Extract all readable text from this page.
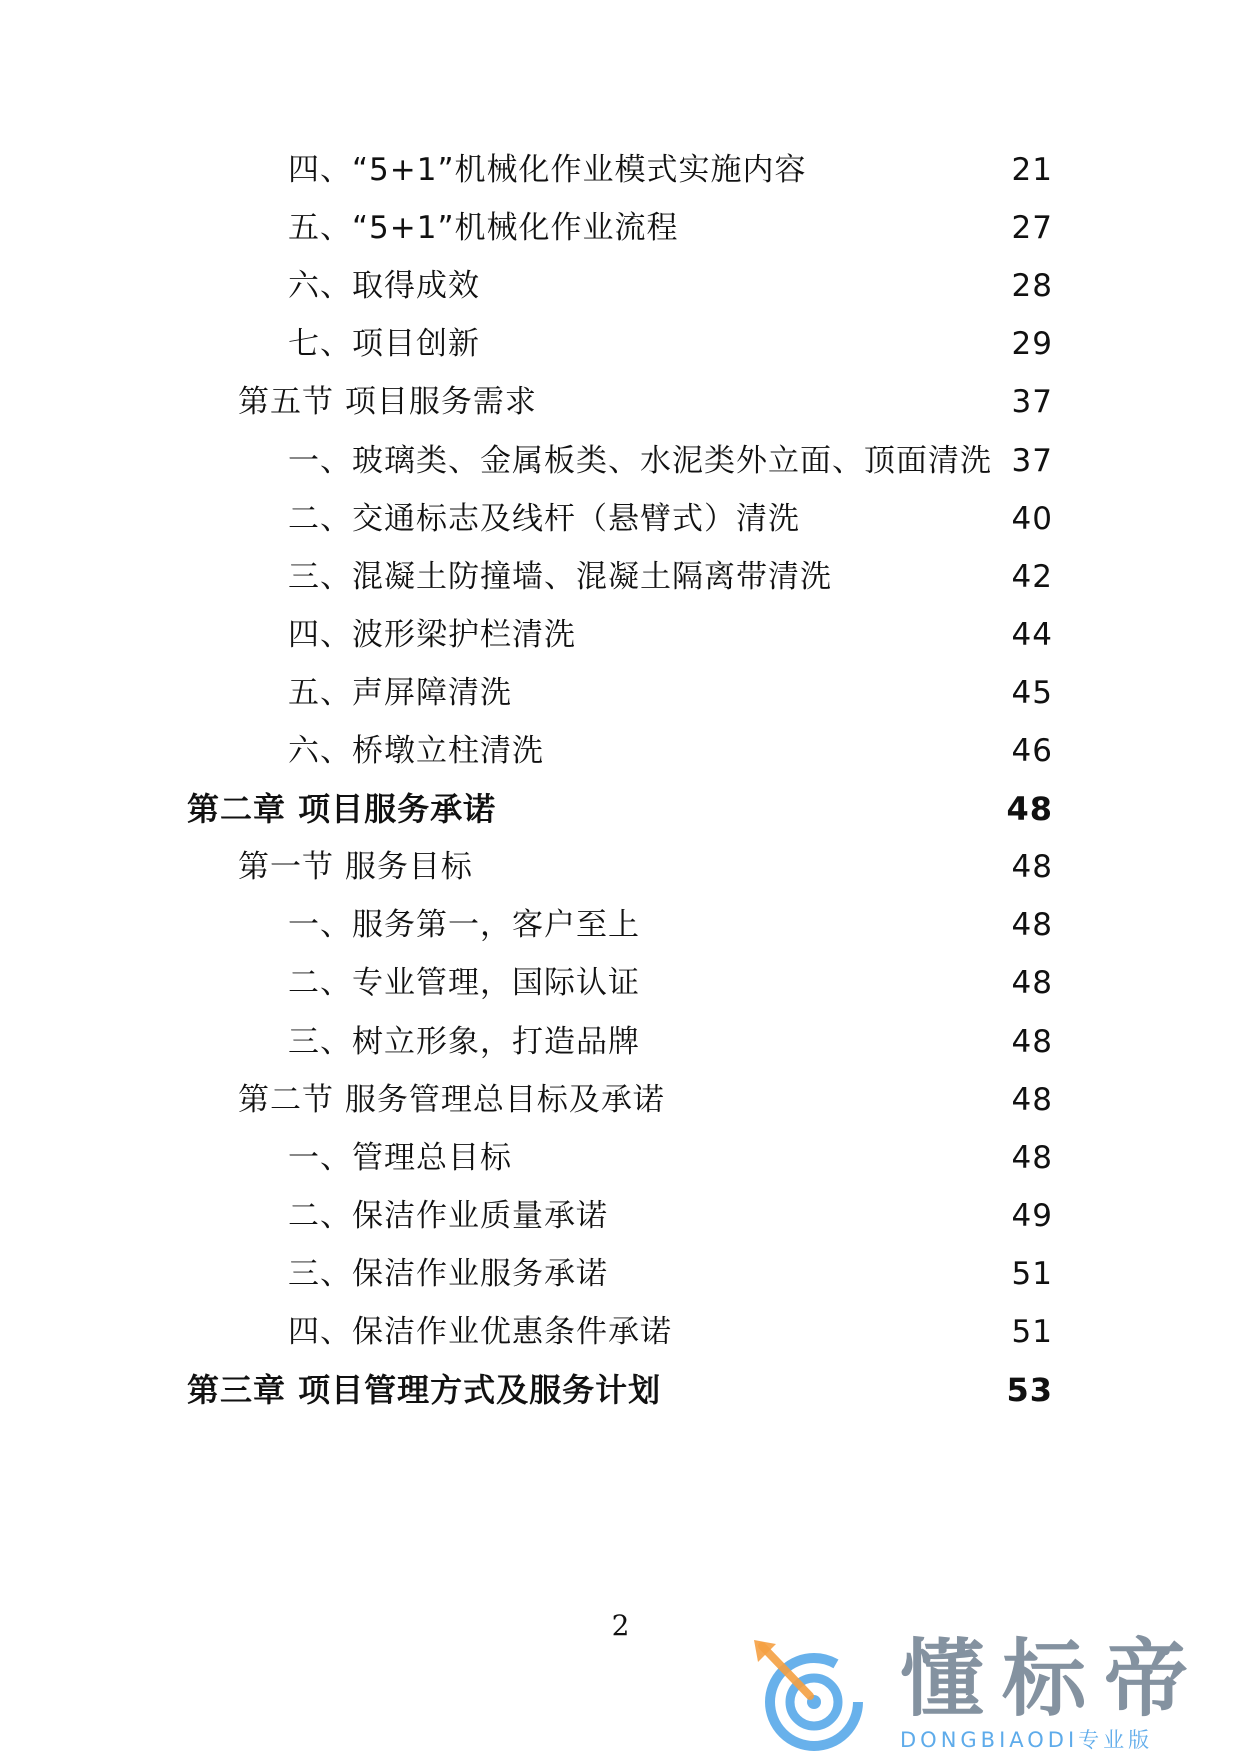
四、“5+1”机械化作业模式实施内容	21
五、“5+1”机械化作业流程	27
六、取得成效	28
七、项目创新	29
第五节 项目服务需求	37
一、玻璃类、金属板类、水泥类外立面、顶面清洗 37
二、交通标志及线杆（悬臂式）清洗	40
三、混凝土防撞墙、混凝土隔离带清洗	42
四、波形梁护栏清洗	44
五、声屏障清洗	45
六、桥墩立柱清洗	46
第二章 项目服务承诺	48
第一节 服务目标	48
一、服务第一，客户至上	48
二、专业管理，国际认证	48
三、树立形象，打造品牌	48
第二节 服务管理总目标及承诺	48
一、管理总目标	48
二、保洁作业质量承诺	49
三、保洁作业服务承诺	51
四、保洁作业优惠条件承诺	51
第三章 项目管理方式及服务计划	53
2
懂标帝
DONGBIAODI专业版
